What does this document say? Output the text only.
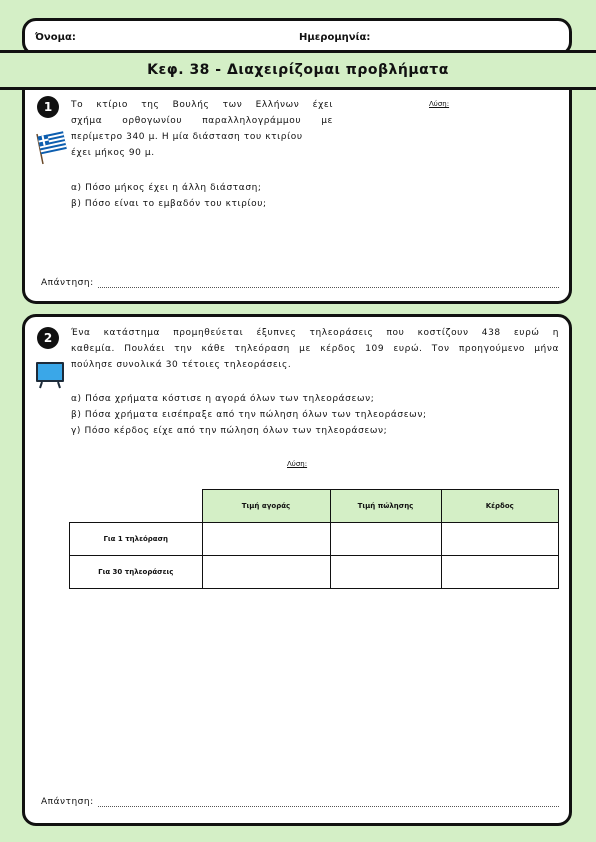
Όνομα:	Ημερομηνία:
1	Το κτίριο της Βουλής των Ελλήνων έχει
σχήμα ορθογωνίου παραλληλογράμμου με
περίμετρο 340 μ. Η μία διάσταση του κτιρίου
έχει μήκος 90 μ.
α) Πόσο μήκος έχει η άλλη διάσταση;
β) Πόσο είναι το εμβαδόν του κτιρίου;
Λύση:
Απάντηση:
Κεφ. 38 - Διαχειρίζομαι προβλήματα
2	Ένα κατάστημα προμηθεύεται έξυπνες τηλεοράσεις που κοστίζουν 438 ευρώ η
καθεμία. Πουλάει την κάθε τηλεόραση με κέρδος 109 ευρώ. Τον προηγούμενο μήνα
πούλησε συνολικά 30 τέτοιες τηλεοράσεις.
α) Πόσα χρήματα κόστισε η αγορά όλων των τηλεοράσεων;
β) Πόσα χρήματα εισέπραξε από την πώληση όλων των τηλεοράσεων;
γ) Πόσο κέρδος είχε από την πώληση όλων των τηλεοράσεων;
Λύση:
	Τιμή αγοράς	Τιμή πώλησης	Κέρδος
Για 1 τηλεόραση			
Για 30 τηλεοράσεις			
Απάντηση:
